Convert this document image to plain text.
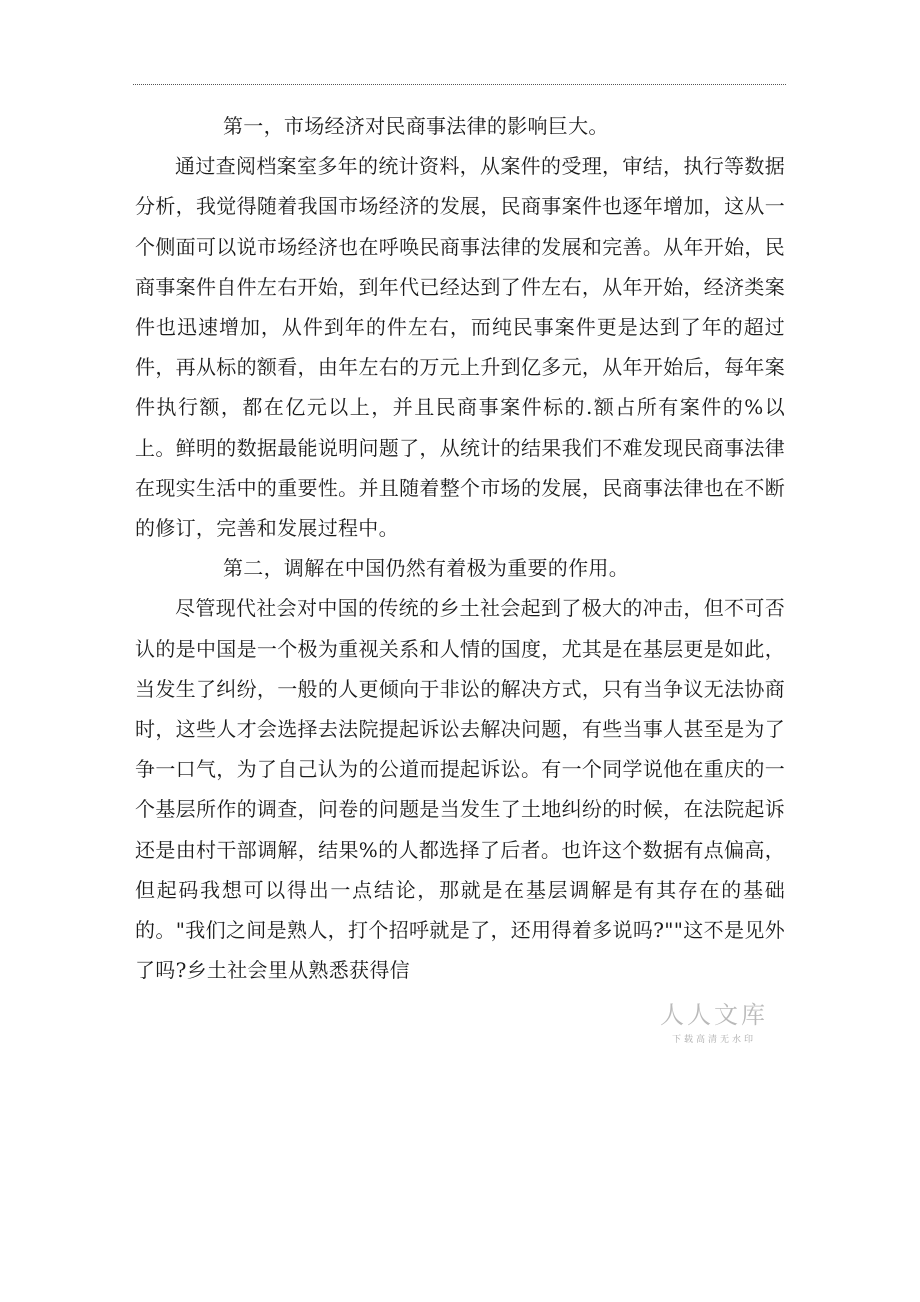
第一，市场经济对民商事法律的影响巨大。

通过查阅档案室多年的统计资料，从案件的受理，审结，执行等数据分析，我觉得随着我国市场经济的发展，民商事案件也逐年增加，这从一个侧面可以说市场经济也在呼唤民商事法律的发展和完善。从年开始，民商事案件自件左右开始，到年代已经达到了件左右，从年开始，经济类案件也迅速增加，从件到年的件左右，而纯民事案件更是达到了年的超过件，再从标的额看，由年左右的万元上升到亿多元，从年开始后，每年案件执行额，都在亿元以上，并且民商事案件标的.额占所有案件的%以上。鲜明的数据最能说明问题了，从统计的结果我们不难发现民商事法律在现实生活中的重要性。并且随着整个市场的发展，民商事法律也在不断的修订，完善和发展过程中。

第二，调解在中国仍然有着极为重要的作用。

尽管现代社会对中国的传统的乡土社会起到了极大的冲击，但不可否认的是中国是一个极为重视关系和人情的国度，尤其是在基层更是如此，当发生了纠纷，一般的人更倾向于非讼的解决方式，只有当争议无法协商时，这些人才会选择去法院提起诉讼去解决问题，有些当事人甚至是为了争一口气，为了自己认为的公道而提起诉讼。有一个同学说他在重庆的一个基层所作的调查，问卷的问题是当发生了土地纠纷的时候，在法院起诉还是由村干部调解，结果%的人都选择了后者。也许这个数据有点偏高，但起码我想可以得出一点结论，那就是在基层调解是有其存在的基础的。"我们之间是熟人，打个招呼就是了，还用得着多说吗?""这不是见外了吗?乡土社会里从熟悉获得信

人人文库
下载高清无水印
